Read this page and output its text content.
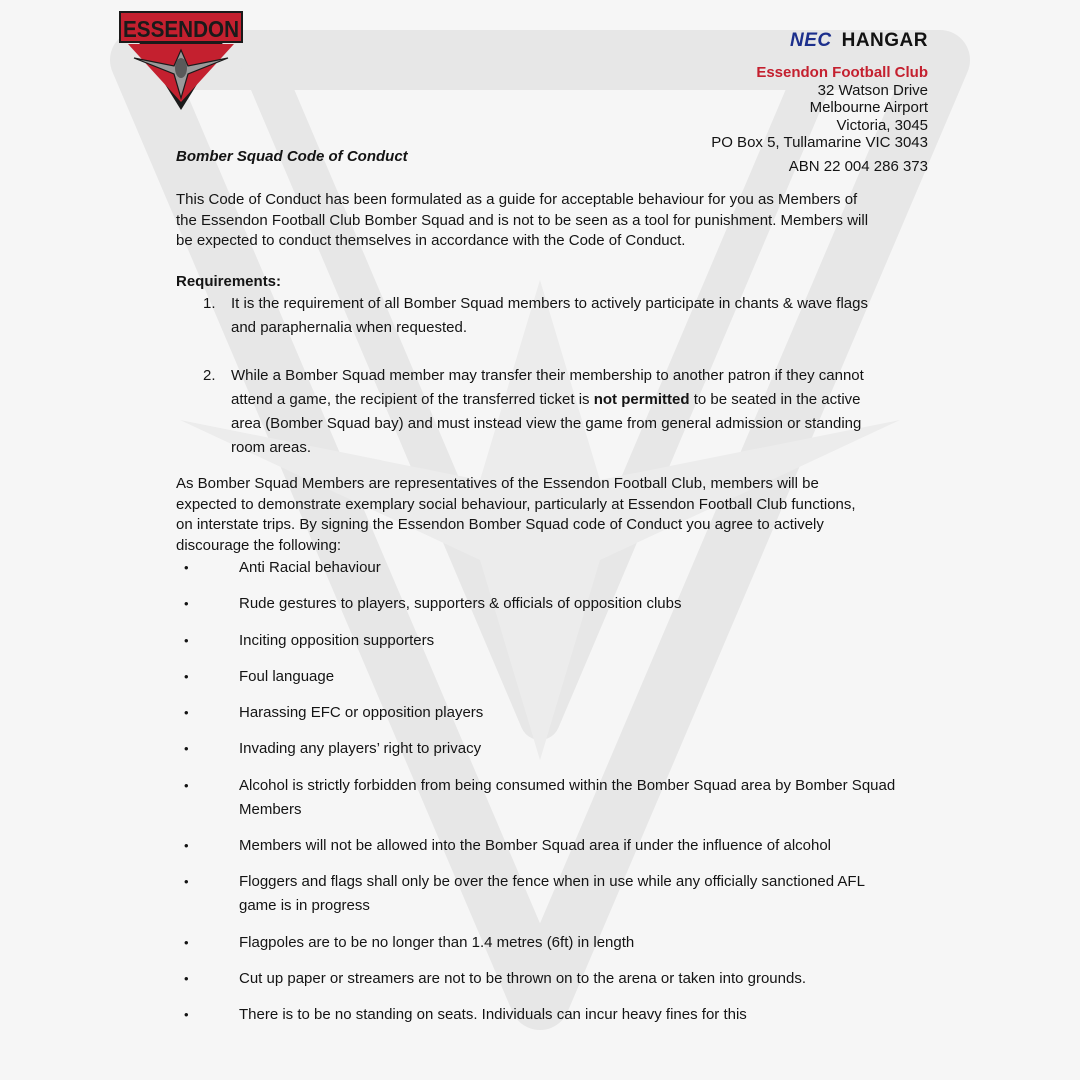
ESSENDON	NEC HANGAR
Essendon Football Club
32 Watson Drive
Melbourne Airport
Victoria, 3045
PO Box 5, Tullamarine VIC 3043
ABN 22 004 286 373
Bomber Squad Code of Conduct
This Code of Conduct has been formulated as a guide for acceptable behaviour for you as Members of the Essendon Football Club Bomber Squad and is not to be seen as a tool for punishment. Members will be expected to conduct themselves in accordance with the Code of Conduct.
Requirements:
1.	It is the requirement of all Bomber Squad members to actively participate in chants & wave flags and paraphernalia when requested.
2.	While a Bomber Squad member may transfer their membership to another patron if they cannot attend a game, the recipient of the transferred ticket is not permitted to be seated in the active area (Bomber Squad bay) and must instead view the game from general admission or standing room areas.
As Bomber Squad Members are representatives of the Essendon Football Club, members will be expected to demonstrate exemplary social behaviour, particularly at Essendon Football Club functions, on interstate trips. By signing the Essendon Bomber Squad code of Conduct you agree to actively discourage the following:
•	Anti Racial behaviour
•	Rude gestures to players, supporters & officials of opposition clubs
•	Inciting opposition supporters
•	Foul language
•	Harassing EFC or opposition players
•	Invading any players’ right to privacy
•	Alcohol is strictly forbidden from being consumed within the Bomber Squad area by Bomber Squad Members
•	Members will not be allowed into the Bomber Squad area if under the influence of alcohol
•	Floggers and flags shall only be over the fence when in use while any officially sanctioned AFL game is in progress
•	Flagpoles are to be no longer than 1.4 metres (6ft) in length
•	Cut up paper or streamers are not to be thrown on to the arena or taken into grounds.
•	There is to be no standing on seats. Individuals can incur heavy fines for this
